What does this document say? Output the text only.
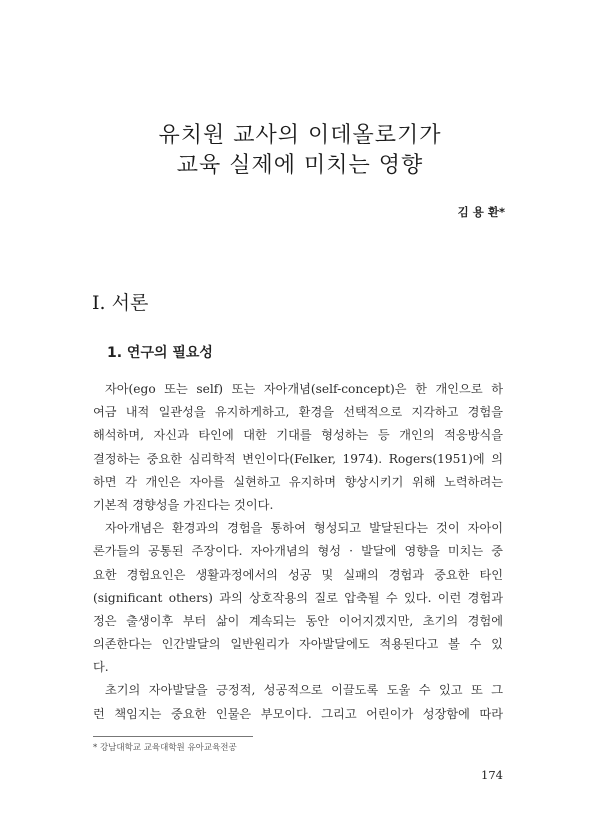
유치원 교사의 이데올로기가
교육 실제에 미치는 영향
김 용 환*
Ⅰ. 서론
1. 연구의 필요성
자아(ego 또는 self) 또는 자아개념(self-concept)은 한 개인으로 하
여금 내적 일관성을 유지하게하고, 환경을 선택적으로 지각하고 경험을
해석하며, 자신과 타인에 대한 기대를 형성하는 등 개인의 적응방식을
결정하는 중요한 심리학적 변인이다(Felker, 1974). Rogers(1951)에 의
하면 각 개인은 자아를 실현하고 유지하며 향상시키기 위해 노력하려는
기본적 경향성을 가진다는 것이다.
자아개념은 환경과의 경험을 통하여 형성되고 발달된다는 것이 자아이
론가들의 공통된 주장이다. 자아개념의 형성 · 발달에 영향을 미치는 중
요한 경험요인은 생활과정에서의 성공 및 실패의 경험과 중요한 타인
(significant others) 과의 상호작용의 질로 압축될 수 있다. 이런 경험과
정은 출생이후 부터 삶이 계속되는 동안 이어지겠지만, 초기의 경험에
의존한다는 인간발달의 일반원리가 자아발달에도 적용된다고 볼 수 있
다.
초기의 자아발달을 긍정적, 성공적으로 이끌도록 도울 수 있고 또 그
런 책임지는 중요한 인물은 부모이다. 그리고 어린이가 성장함에 따라
* 강남대학교 교육대학원 유아교육전공
174
